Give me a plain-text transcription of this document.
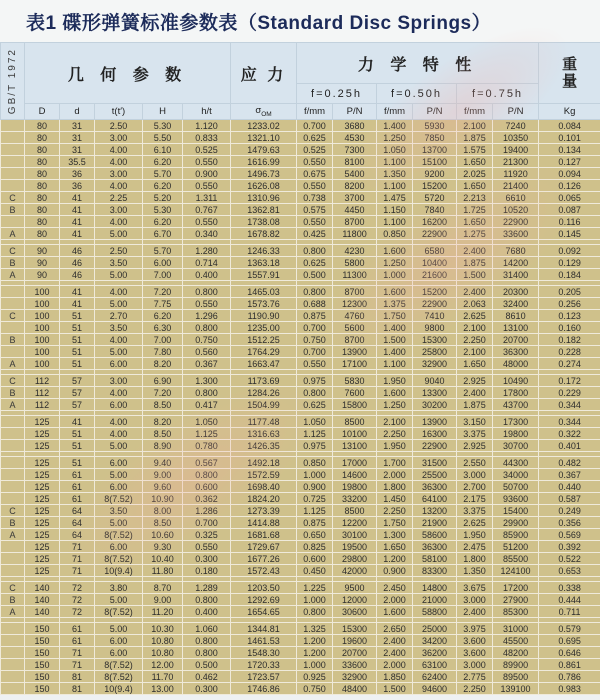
表1 碟形弹簧标准参数表（Standard Disc Springs）
GB/T 1972	几 何 参 数					应 力	力 学 特 性						重
量

							f=0.25h		f=0.50h		f=0.75h		
	D	d	t(t′)	H	h/t	$\sigma_{OM}$	f/mm	P/N	f/mm	P/N	f/mm	P/N	Kg
	80	31	2.50	5.30	1.120	1233.02	0.700	3680	1.400	5930	2.100	7240	0.084
	80	31	3.00	5.50	0.833	1321.10	0.625	4530	1.250	7850	1.875	10350	0.101
	80	31	4.00	6.10	0.525	1479.63	0.525	7300	1.050	13700	1.575	19400	0.134
	80	35.5	4.00	6.20	0.550	1616.99	0.550	8100	1.100	15100	1.650	21300	0.127
	80	36	3.00	5.70	0.900	1496.73	0.675	5400	1.350	9200	2.025	11920	0.094
	80	36	4.00	6.20	0.550	1626.08	0.550	8200	1.100	15200	1.650	21400	0.126
C	80	41	2.25	5.20	1.311	1310.96	0.738	3700	1.475	5720	2.213	6610	0.065
B	80	41	3.00	5.30	0.767	1362.81	0.575	4450	1.150	7840	1.725	10520	0.087
	80	41	4.00	6.20	0.550	1738.08	0.550	8700	1.100	16200	1.650	22900	0.116
A	80	41	5.00	6.70	0.340	1678.82	0.425	11800	0.850	22900	1.275	33600	0.145

C	90	46	2.50	5.70	1.280	1246.33	0.800	4230	1.600	6580	2.400	7680	0.092
B	90	46	3.50	6.00	0.714	1363.18	0.625	5800	1.250	10400	1.875	14200	0.129
A	90	46	5.00	7.00	0.400	1557.91	0.500	11300	1.000	21600	1.500	31400	0.184

	100	41	4.00	7.20	0.800	1465.03	0.800	8700	1.600	15200	2.400	20300	0.205
	100	41	5.00	7.75	0.550	1573.76	0.688	12300	1.375	22900	2.063	32400	0.256
C	100	51	2.70	6.20	1.296	1190.90	0.875	4760	1.750	7410	2.625	8610	0.123
	100	51	3.50	6.30	0.800	1235.00	0.700	5600	1.400	9800	2.100	13100	0.160
B	100	51	4.00	7.00	0.750	1512.25	0.750	8700	1.500	15300	2.250	20700	0.182
	100	51	5.00	7.80	0.560	1764.29	0.700	13900	1.400	25800	2.100	36300	0.228
A	100	51	6.00	8.20	0.367	1663.47	0.550	17100	1.100	32900	1.650	48000	0.274

C	112	57	3.00	6.90	1.300	1173.69	0.975	5830	1.950	9040	2.925	10490	0.172
B	112	57	4.00	7.20	0.800	1284.26	0.800	7600	1.600	13300	2.400	17800	0.229
A	112	57	6.00	8.50	0.417	1504.99	0.625	15800	1.250	30200	1.875	43700	0.344

	125	41	4.00	8.20	1.050	1177.48	1.050	8500	2.100	13900	3.150	17300	0.344
	125	51	4.00	8.50	1.125	1316.63	1.125	10100	2.250	16300	3.375	19800	0.322
	125	51	5.00	8.90	0.780	1426.35	0.975	13100	1.950	22900	2.925	30700	0.401

	125	51	6.00	9.40	0.567	1492.18	0.850	17000	1.700	31500	2.550	44300	0.482
	125	61	5.00	9.00	0.800	1572.59	1.000	14600	2.000	25500	3.000	34000	0.367
	125	61	6.00	9.60	0.600	1698.40	0.900	19800	1.800	36300	2.700	50700	0.440
	125	61	8(7.52)	10.90	0.362	1824.20	0.725	33200	1.450	64100	2.175	93600	0.587
C	125	64	3.50	8.00	1.286	1273.39	1.125	8500	2.250	13200	3.375	15400	0.249
B	125	64	5.00	8.50	0.700	1414.88	0.875	12200	1.750	21900	2.625	29900	0.356
A	125	64	8(7.52)	10.60	0.325	1681.68	0.650	30100	1.300	58600	1.950	85900	0.569
	125	71	6.00	9.30	0.550	1729.67	0.825	19500	1.650	36300	2.475	51200	0.392
	125	71	8(7.52)	10.40	0.300	1677.26	0.600	29800	1.200	58100	1.800	85500	0.522
	125	71	10(9.4)	11.80	0.180	1572.43	0.450	42000	0.900	83300	1.350	124100	0.653

C	140	72	3.80	8.70	1.289	1203.50	1.225	9500	2.450	14800	3.675	17200	0.338
B	140	72	5.00	9.00	0.800	1292.69	1.000	12000	2.000	21000	3.000	27900	0.444
A	140	72	8(7.52)	11.20	0.400	1654.65	0.800	30600	1.600	58800	2.400	85300	0.711

	150	61	5.00	10.30	1.060	1344.81	1.325	15300	2.650	25000	3.975	31000	0.579
	150	61	6.00	10.80	0.800	1461.53	1.200	19600	2.400	34200	3.600	45500	0.695
	150	71	6.00	10.80	0.800	1548.30	1.200	20700	2.400	36200	3.600	48200	0.646
	150	71	8(7.52)	12.00	0.500	1720.33	1.000	33600	2.000	63100	3.000	89900	0.861
	150	81	8(7.52)	11.70	0.462	1723.57	0.925	32900	1.850	62400	2.775	89500	0.786
	150	81	10(9.4)	13.00	0.300	1746.86	0.750	48400	1.500	94600	2.250	139100	0.983
